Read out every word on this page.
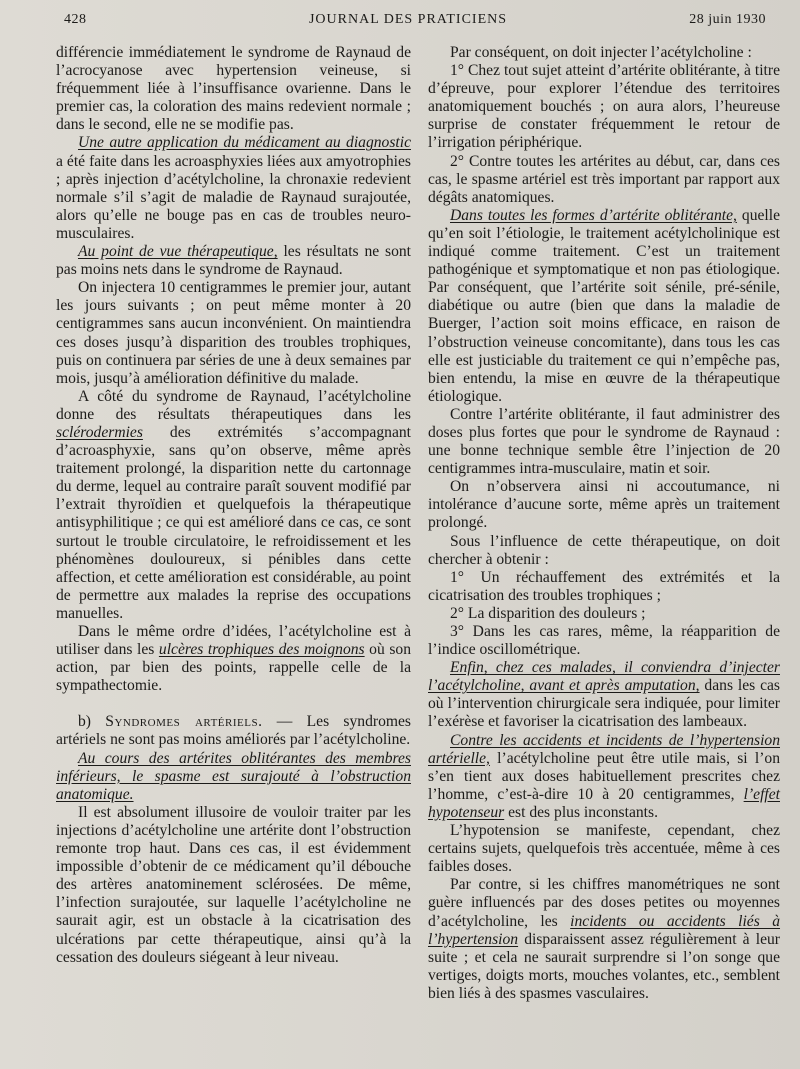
428	JOURNAL DES PRATICIENS	28 juin 1930

différencie immédiatement le syndrome de Raynaud de l’acrocyanose avec hypertension veineuse, si fréquemment liée à l’insuffisance ovarienne. Dans le premier cas, la coloration des mains redevient normale ; dans le second, elle ne se modifie pas.

Une autre application du médicament au diagnostic a été faite dans les acroasphyxies liées aux amyotrophies ; après injection d’acétylcholine, la chronaxie redevient normale s’il s’agit de maladie de Raynaud surajoutée, alors qu’elle ne bouge pas en cas de troubles neuro-musculaires.

Au point de vue thérapeutique, les résultats ne sont pas moins nets dans le syndrome de Raynaud.

On injectera 10 centigrammes le premier jour, autant les jours suivants ; on peut même monter à 20 centigrammes sans aucun inconvénient. On maintiendra ces doses jusqu’à disparition des troubles trophiques, puis on continuera par séries de une à deux semaines par mois, jusqu’à amélioration définitive du malade.

A côté du syndrome de Raynaud, l’acétylcholine donne des résultats thérapeutiques dans les sclérodermies des extrémités s’accompagnant d’acroasphyxie, sans qu’on observe, même après traitement prolongé, la disparition nette du cartonnage du derme, lequel au contraire paraît souvent modifié par l’extrait thyroïdien et quelquefois la thérapeutique antisyphilitique ; ce qui est amélioré dans ce cas, ce sont surtout le trouble circulatoire, le refroidissement et les phénomènes douloureux, si pénibles dans cette affection, et cette amélioration est considérable, au point de permettre aux malades la reprise des occupations manuelles.

Dans le même ordre d’idées, l’acétylcholine est à utiliser dans les ulcères trophiques des moignons où son action, par bien des points, rappelle celle de la sympathectomie.

b) Syndromes artériels. — Les syndromes artériels ne sont pas moins améliorés par l’acétylcholine.

Au cours des artérites oblitérantes des membres inférieurs, le spasme est surajouté à l’obstruction anatomique.

Il est absolument illusoire de vouloir traiter par les injections d’acétylcholine une artérite dont l’obstruction remonte trop haut. Dans ces cas, il est évidemment impossible d’obtenir de ce médicament qu’il débouche des artères anatominement sclérosées. De même, l’infection surajoutée, sur laquelle l’acétylcholine ne saurait agir, est un obstacle à la cicatrisation des ulcérations par cette thérapeutique, ainsi qu’à la cessation des douleurs siégeant à leur niveau.

Par conséquent, on doit injecter l’acétylcholine :

1° Chez tout sujet atteint d’artérite oblitérante, à titre d’épreuve, pour explorer l’étendue des territoires anatomiquement bouchés ; on aura alors, l’heureuse surprise de constater fréquemment le retour de l’irrigation périphérique.

2° Contre toutes les artérites au début, car, dans ces cas, le spasme artériel est très important par rapport aux dégâts anatomiques.

Dans toutes les formes d’artérite oblitérante, quelle qu’en soit l’étiologie, le traitement acétylcholinique est indiqué comme traitement. C’est un traitement pathogénique et symptomatique et non pas étiologique. Par conséquent, que l’artérite soit sénile, pré-sénile, diabétique ou autre (bien que dans la maladie de Buerger, l’action soit moins efficace, en raison de l’obstruction veineuse concomitante), dans tous les cas elle est justiciable du traitement ce qui n’empêche pas, bien entendu, la mise en œuvre de la thérapeutique étiologique.

Contre l’artérite oblitérante, il faut administrer des doses plus fortes que pour le syndrome de Raynaud : une bonne technique semble être l’injection de 20 centigrammes intra-musculaire, matin et soir.

On n’observera ainsi ni accoutumance, ni intolérance d’aucune sorte, même après un traitement prolongé.

Sous l’influence de cette thérapeutique, on doit chercher à obtenir :

1° Un réchauffement des extrémités et la cicatrisation des troubles trophiques ;

2° La disparition des douleurs ;

3° Dans les cas rares, même, la réapparition de l’indice oscillométrique.

Enfin, chez ces malades, il conviendra d’injecter l’acétylcholine, avant et après amputation, dans les cas où l’intervention chirurgicale sera indiquée, pour limiter l’exérèse et favoriser la cicatrisation des lambeaux.

Contre les accidents et incidents de l’hypertension artérielle, l’acétylcholine peut être utile mais, si l’on s’en tient aux doses habituellement prescrites chez l’homme, c’est-à-dire 10 à 20 centigrammes, l’effet hypotenseur est des plus inconstants.

L’hypotension se manifeste, cependant, chez certains sujets, quelquefois très accentuée, même à ces faibles doses.

Par contre, si les chiffres manométriques ne sont guère influencés par des doses petites ou moyennes d’acétylcholine, les incidents ou accidents liés à l’hypertension disparaissent assez régulièrement à leur suite ; et cela ne saurait surprendre si l’on songe que vertiges, doigts morts, mouches volantes, etc., semblent bien liés à des spasmes vasculaires.
